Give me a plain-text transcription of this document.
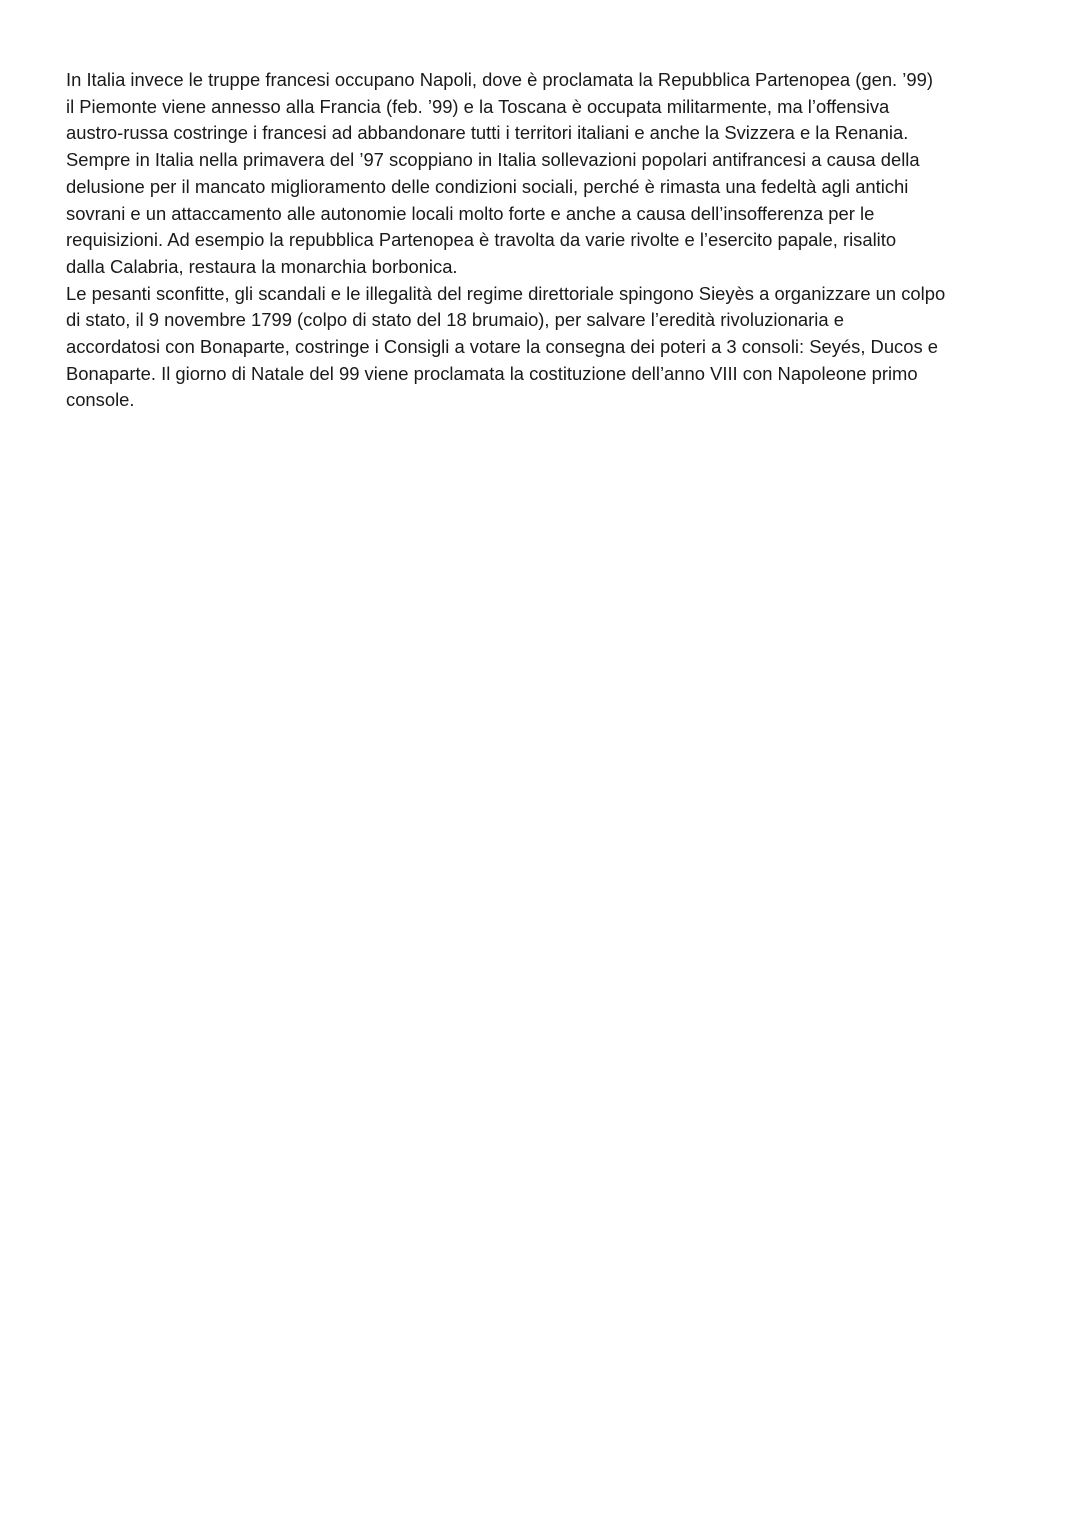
In Italia invece le truppe francesi occupano Napoli, dove è proclamata la Repubblica Partenopea (gen. ’99)
il Piemonte viene annesso alla Francia (feb. ’99) e la Toscana è occupata militarmente, ma l’offensiva
austro-russa costringe i francesi ad abbandonare tutti i territori italiani e anche la Svizzera e la Renania.
Sempre in Italia nella primavera del ’97 scoppiano in Italia sollevazioni popolari antifrancesi a causa della
delusione per il mancato miglioramento delle condizioni sociali, perché è rimasta una fedeltà agli antichi
sovrani e un attaccamento alle autonomie locali molto forte e anche a causa dell’insofferenza per le
requisizioni. Ad esempio la repubblica Partenopea è travolta da varie rivolte e l’esercito papale, risalito
dalla Calabria, restaura la monarchia borbonica.
Le pesanti sconfitte, gli scandali e le illegalità del regime direttoriale spingono Sieyès a organizzare un colpo
di stato, il 9 novembre 1799 (colpo di stato del 18 brumaio), per salvare l’eredità rivoluzionaria e
accordatosi con Bonaparte, costringe i Consigli a votare la consegna dei poteri a 3 consoli: Seyés, Ducos e
Bonaparte. Il giorno di Natale del 99 viene proclamata la costituzione dell’anno VIII con Napoleone primo
console.
